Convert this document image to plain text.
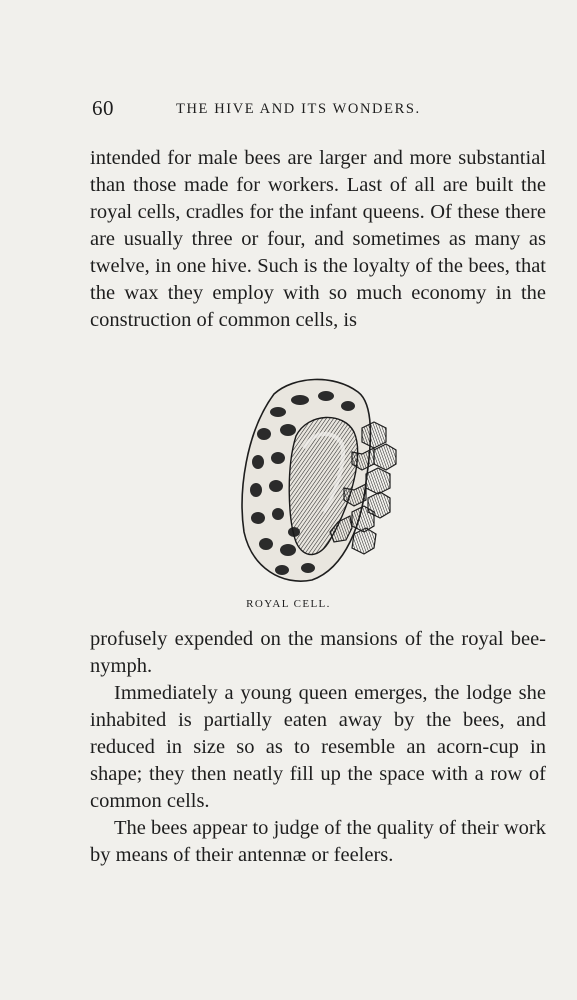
60	THE HIVE AND ITS WONDERS.

intended for male bees are larger and more substantial than those made for workers. Last of all are built the royal cells, cradles for the infant queens. Of these there are usually three or four, and sometimes as many as twelve, in one hive. Such is the loyalty of the bees, that the wax they employ with so much economy in the construction of common cells, is

ROYAL CELL.

profusely expended on the mansions of the royal bee-nymph.

Immediately a young queen emerges, the lodge she inhabited is partially eaten away by the bees, and reduced in size so as to resemble an acorn-cup in shape; they then neatly fill up the space with a row of common cells.

The bees appear to judge of the quality of their work by means of their antennæ or feelers.
